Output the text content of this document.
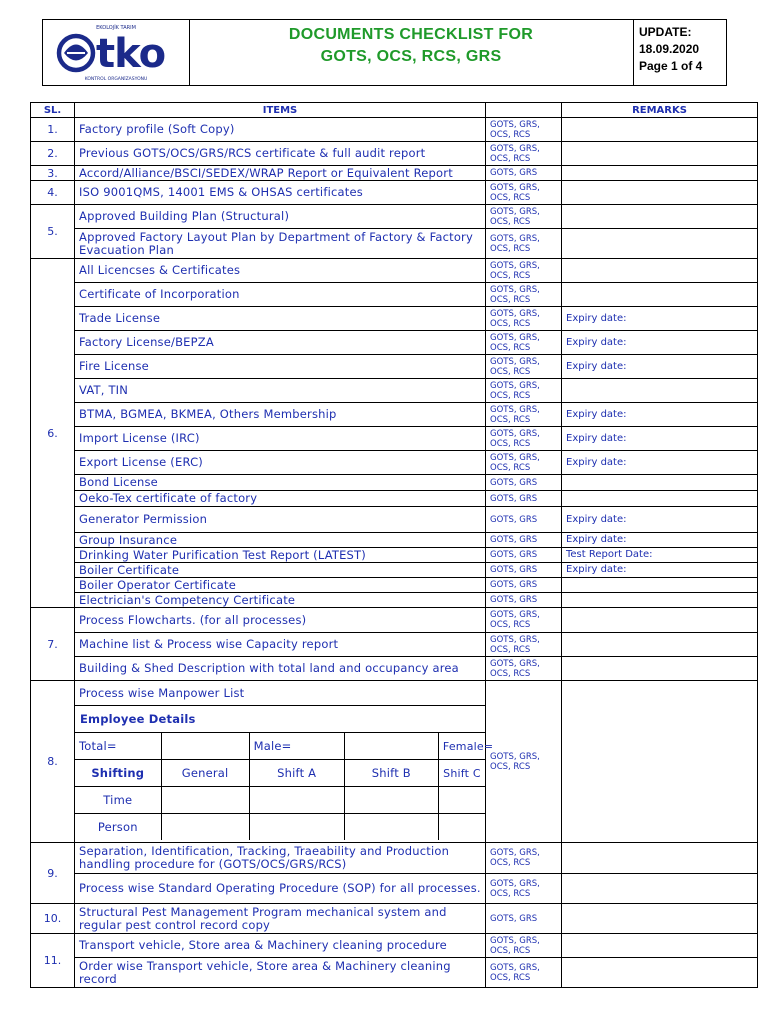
EKOLOJİK TARIM
tko
KONTROL ORGANİZASYONU
DOCUMENTS CHECKLIST FOR
GOTS, OCS, RCS, GRS
UPDATE: 18.09.2020
Page 1 of 4
SL.	ITEMS		REMARKS
1.	Factory profile (Soft Copy)	GOTS, GRS, OCS, RCS	
2.	Previous GOTS/OCS/GRS/RCS certificate & full audit report	GOTS, GRS, OCS, RCS	
3.	Accord/Alliance/BSCI/SEDEX/WRAP Report or Equivalent Report	GOTS, GRS	
4.	ISO 9001QMS, 14001 EMS & OHSAS certificates	GOTS, GRS, OCS, RCS	
5.	Approved Building Plan (Structural)	GOTS, GRS, OCS, RCS	
Approved Factory Layout Plan by Department of Factory & Factory Evacuation Plan	GOTS, GRS, OCS, RCS	
6.	All Licencses & Certificates	GOTS, GRS, OCS, RCS	
Certificate of Incorporation	GOTS, GRS, OCS, RCS	
Trade License	GOTS, GRS, OCS, RCS	Expiry date:
Factory License/BEPZA	GOTS, GRS, OCS, RCS	Expiry date:
Fire License	GOTS, GRS, OCS, RCS	Expiry date:
VAT, TIN	GOTS, GRS, OCS, RCS	
BTMA, BGMEA, BKMEA, Others Membership	GOTS, GRS, OCS, RCS	Expiry date:
Import License (IRC)	GOTS, GRS, OCS, RCS	Expiry date:
Export License (ERC)	GOTS, GRS, OCS, RCS	Expiry date:
Bond License	GOTS, GRS	
Oeko-Tex certificate of factory	GOTS, GRS	
Generator Permission	GOTS, GRS	Expiry date:
Group Insurance	GOTS, GRS	Expiry date:
Drinking Water Purification Test Report (LATEST)	GOTS, GRS	Test Report Date:
Boiler Certificate	GOTS, GRS	Expiry date:
Boiler Operator Certificate	GOTS, GRS	
Electrician's Competency Certificate	GOTS, GRS	
7.	Process Flowcharts. (for all processes)	GOTS, GRS, OCS, RCS	
Machine list & Process wise Capacity report	GOTS, GRS, OCS, RCS	
Building & Shed Description with total land and occupancy area	GOTS, GRS, OCS, RCS	
8.	Process wise Manpower List	GOTS, GRS, OCS, RCS	

Employee Details
Total=		Male=		Female=
Shifting	General	Shift A	Shift B	Shift C
Time				
Person				

9.	Separation, Identification, Tracking, Traeability and Production handling procedure for (GOTS/OCS/GRS/RCS)	GOTS, GRS, OCS, RCS	
Process wise Standard Operating Procedure (SOP) for all processes.	GOTS, GRS, OCS, RCS	
10.	Structural Pest Management Program mechanical system and regular pest control record copy	GOTS, GRS	
11.	Transport vehicle, Store area & Machinery cleaning procedure	GOTS, GRS, OCS, RCS	
Order wise Transport vehicle, Store area & Machinery cleaning record	GOTS, GRS, OCS, RCS	
